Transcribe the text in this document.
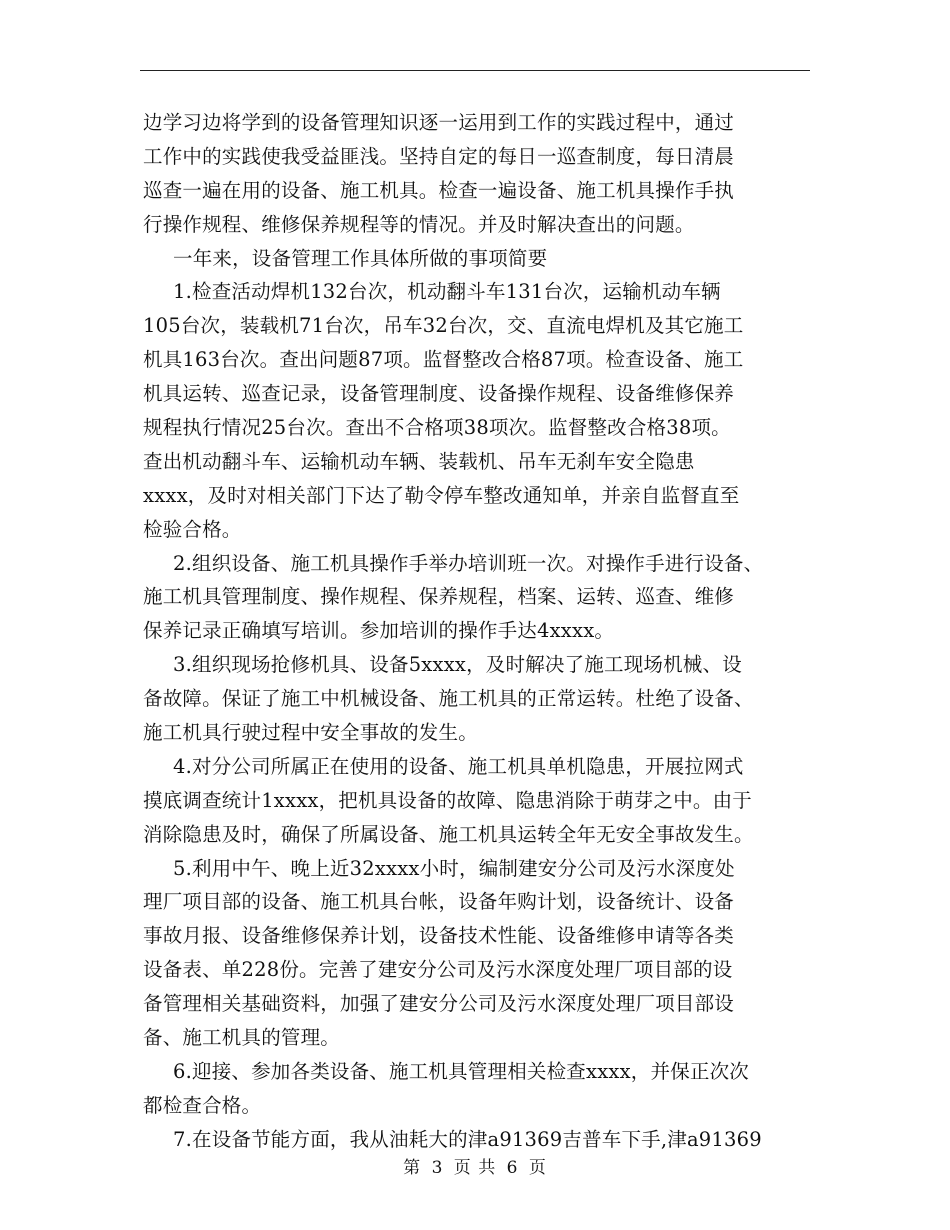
边学习边将学到的设备管理知识逐一运用到工作的实践过程中，通过
工作中的实践使我受益匪浅。坚持自定的每日一巡查制度，每日清晨
巡查一遍在用的设备、施工机具。检查一遍设备、施工机具操作手执
行操作规程、维修保养规程等的情况。并及时解决查出的问题。
一年来，设备管理工作具体所做的事项简要
1.检查活动焊机132台次，机动翻斗车131台次，运输机动车辆
105台次，装载机71台次，吊车32台次，交、直流电焊机及其它施工
机具163台次。查出问题87项。监督整改合格87项。检查设备、施工
机具运转、巡查记录，设备管理制度、设备操作规程、设备维修保养
规程执行情况25台次。查出不合格项38项次。监督整改合格38项。
查出机动翻斗车、运输机动车辆、装载机、吊车无刹车安全隐患
xxxx，及时对相关部门下达了勒令停车整改通知单，并亲自监督直至
检验合格。
2.组织设备、施工机具操作手举办培训班一次。对操作手进行设备、
施工机具管理制度、操作规程、保养规程，档案、运转、巡查、维修
保养记录正确填写培训。参加培训的操作手达4xxxx。
3.组织现场抢修机具、设备5xxxx，及时解决了施工现场机械、设
备故障。保证了施工中机械设备、施工机具的正常运转。杜绝了设备、
施工机具行驶过程中安全事故的发生。
4.对分公司所属正在使用的设备、施工机具单机隐患，开展拉网式
摸底调查统计1xxxx，把机具设备的故障、隐患消除于萌芽之中。由于
消除隐患及时，确保了所属设备、施工机具运转全年无安全事故发生。
5.利用中午、晚上近32xxxx小时，编制建安分公司及污水深度处
理厂项目部的设备、施工机具台帐，设备年购计划，设备统计、设备
事故月报、设备维修保养计划，设备技术性能、设备维修申请等各类
设备表、单228份。完善了建安分公司及污水深度处理厂项目部的设
备管理相关基础资料，加强了建安分公司及污水深度处理厂项目部设
备、施工机具的管理。
6.迎接、参加各类设备、施工机具管理相关检查xxxx，并保正次次
都检查合格。
7.在设备节能方面，我从油耗大的津a91369吉普车下手,津a91369
第 3 页 共 6 页
